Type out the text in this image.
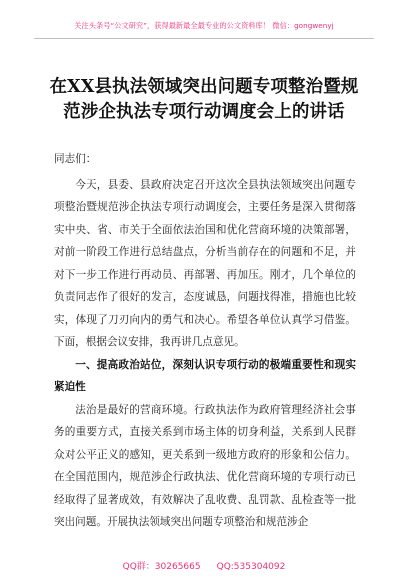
关注头条号“公文研究”，获得最新最全最专业的公文资料库！ 微信：gongwenyj
在XX县执法领域突出问题专项整治暨规
范涉企执法专项行动调度会上的讲话

同志们：

今天，县委、县政府决定召开这次全县执法领域突出问题专项整治暨规范涉企执法专项行动调度会，主要任务是深入贯彻落实中央、省、市关于全面依法治国和优化营商环境的决策部署，对前一阶段工作进行总结盘点，分析当前存在的问题和不足，并对下一步工作进行再动员、再部署、再加压。刚才，几个单位的负责同志作了很好的发言，态度诚恳，问题找得准，措施也比较实，体现了刀刃向内的勇气和决心。希望各单位认真学习借鉴。下面，根据会议安排，我再讲几点意见。

一、提高政治站位，深刻认识专项行动的极端重要性和现实紧迫性

法治是最好的营商环境。行政执法作为政府管理经济社会事务的重要方式，直接关系到市场主体的切身利益，关系到人民群众对公平正义的感知，更关系到一级地方政府的形象和公信力。在全国范围内，规范涉企行政执法、优化营商环境的专项行动已经取得了显著成效，有效解决了乱收费、乱罚款、乱检查等一批突出问题。开展执法领域突出问题专项整治和规范涉企

QQ群：30265665 QQ:535304092
